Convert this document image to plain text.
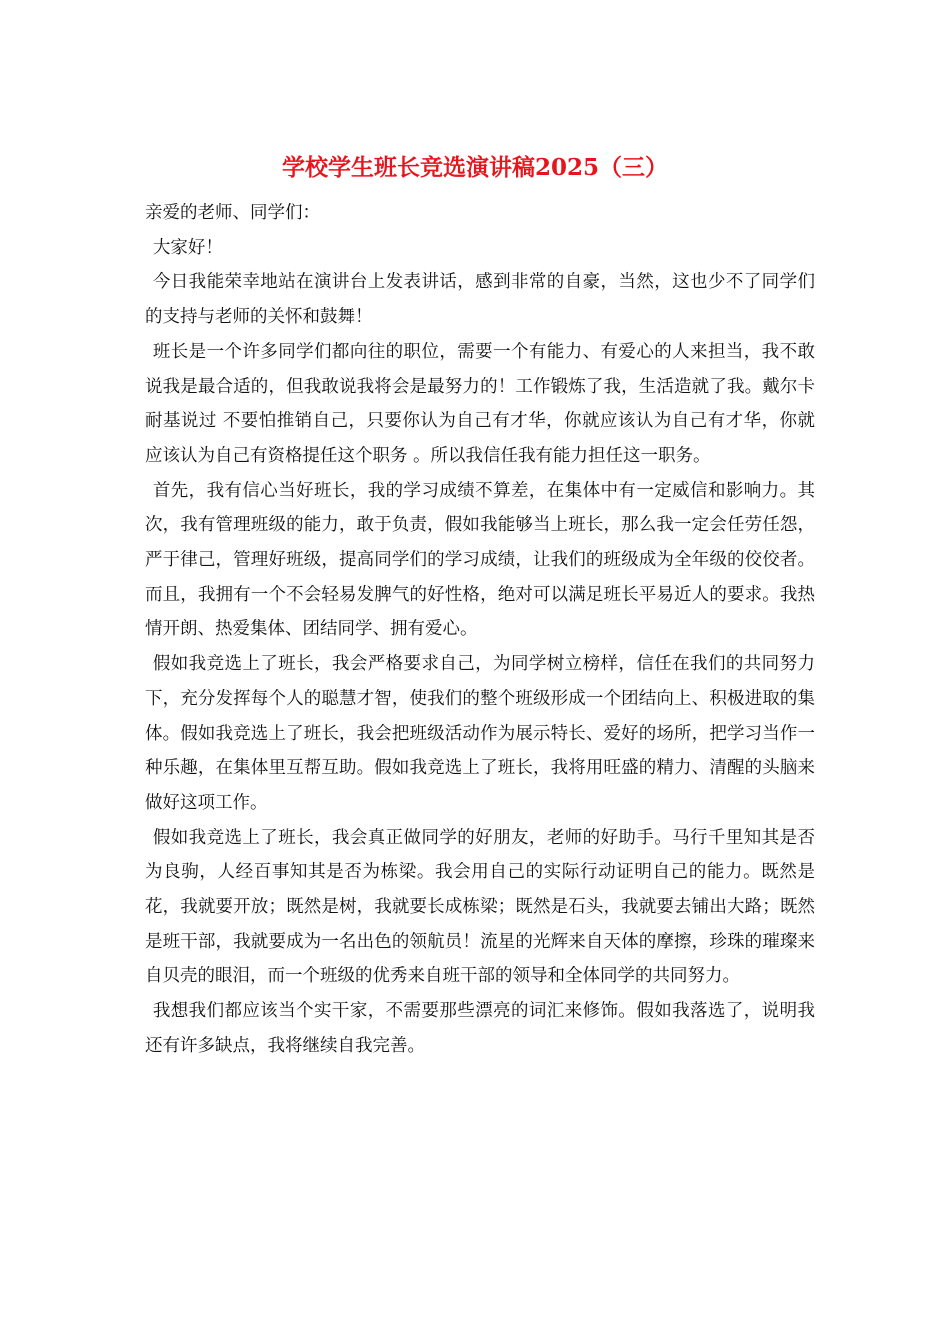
学校学生班长竞选演讲稿2025（三）

亲爱的老师、同学们：

大家好！

今日我能荣幸地站在演讲台上发表讲话，感到非常的自豪，当然，这也少不了同学们的支持与老师的关怀和鼓舞！

班长是一个许多同学们都向往的职位，需要一个有能力、有爱心的人来担当，我不敢说我是最合适的，但我敢说我将会是最努力的！工作锻炼了我，生活造就了我。戴尔卡耐基说过 不要怕推销自己，只要你认为自己有才华，你就应该认为自己有才华，你就应该认为自己有资格提任这个职务 。所以我信任我有能力担任这一职务。

首先，我有信心当好班长，我的学习成绩不算差，在集体中有一定威信和影响力。其次，我有管理班级的能力，敢于负责，假如我能够当上班长，那么我一定会任劳任怨，严于律己，管理好班级，提高同学们的学习成绩，让我们的班级成为全年级的佼佼者。而且，我拥有一个不会轻易发脾气的好性格，绝对可以满足班长平易近人的要求。我热情开朗、热爱集体、团结同学、拥有爱心。

假如我竞选上了班长，我会严格要求自己，为同学树立榜样，信任在我们的共同努力下，充分发挥每个人的聪慧才智，使我们的整个班级形成一个团结向上、积极进取的集体。假如我竞选上了班长，我会把班级活动作为展示特长、爱好的场所，把学习当作一种乐趣，在集体里互帮互助。假如我竞选上了班长，我将用旺盛的精力、清醒的头脑来做好这项工作。

假如我竞选上了班长，我会真正做同学的好朋友，老师的好助手。马行千里知其是否为良驹，人经百事知其是否为栋梁。我会用自己的实际行动证明自己的能力。既然是花，我就要开放；既然是树，我就要长成栋梁；既然是石头，我就要去铺出大路；既然是班干部，我就要成为一名出色的领航员！流星的光辉来自天体的摩擦，珍珠的璀璨来自贝壳的眼泪，而一个班级的优秀来自班干部的领导和全体同学的共同努力。

我想我们都应该当个实干家，不需要那些漂亮的词汇来修饰。假如我落选了，说明我还有许多缺点，我将继续自我完善。
